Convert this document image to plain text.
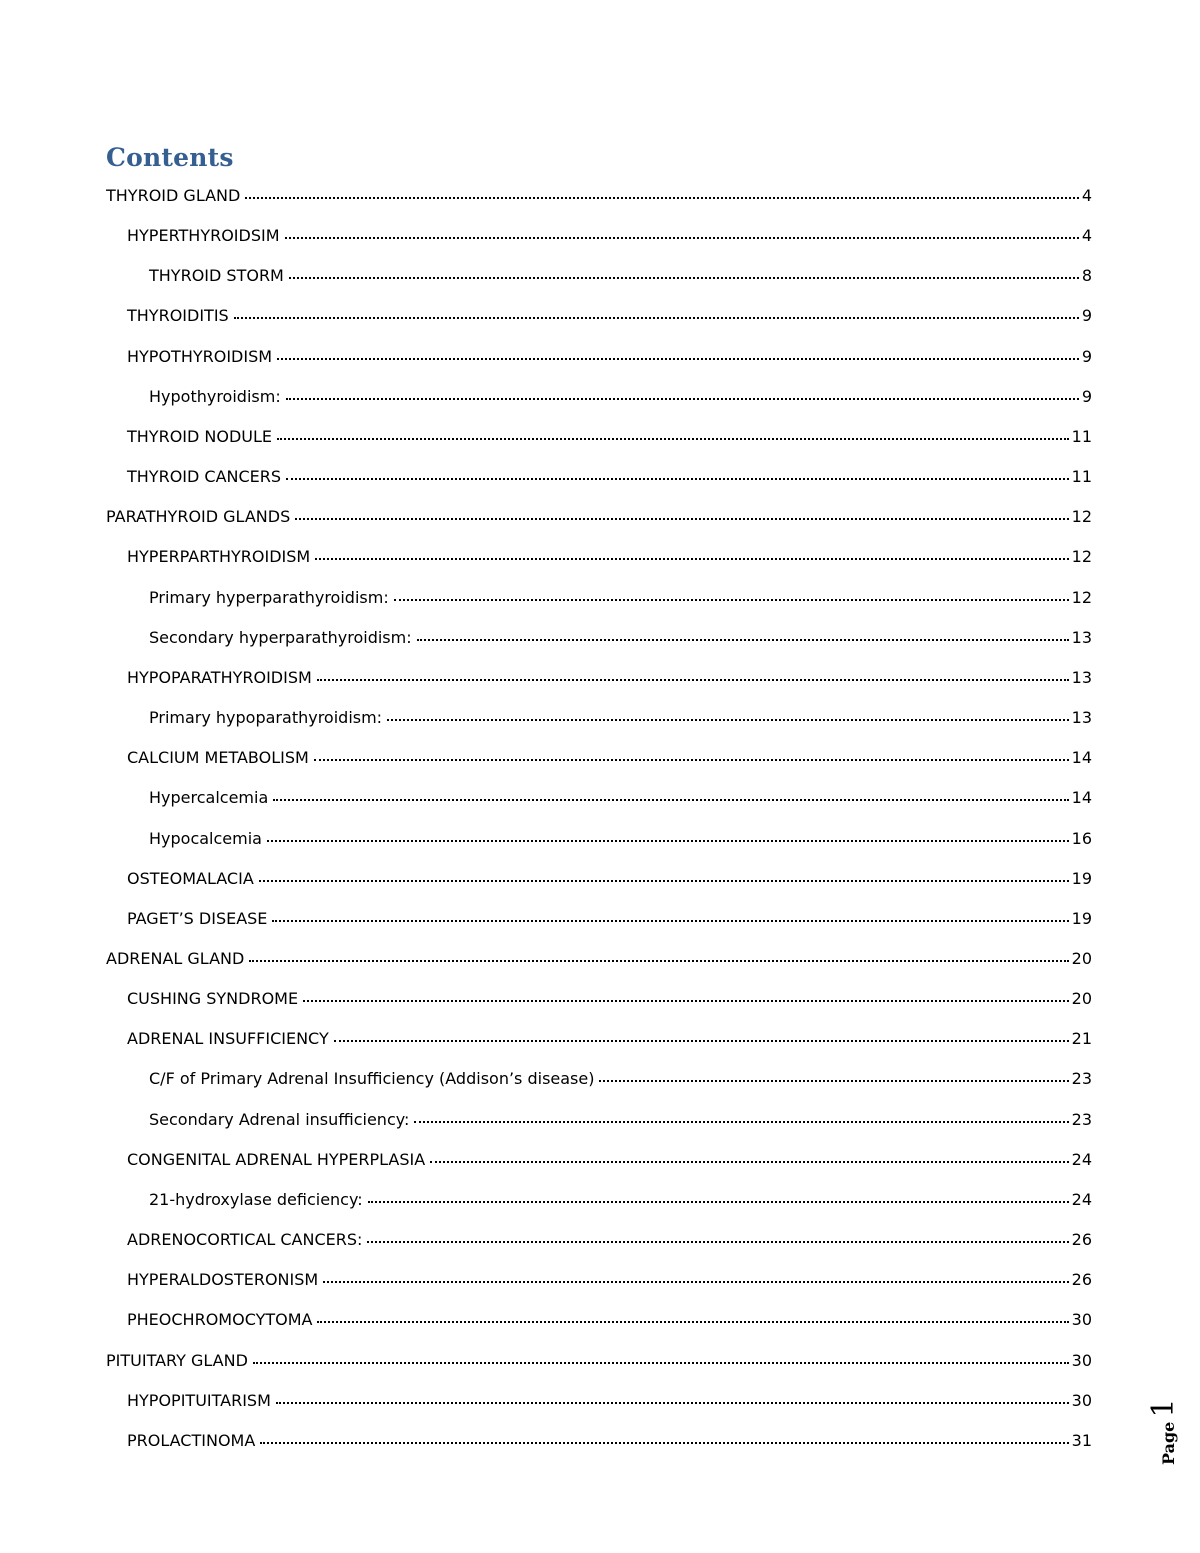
Contents
THYROID GLAND	4
HYPERTHYROIDSIM	4
THYROID STORM	8
THYROIDITIS	9
HYPOTHYROIDISM	9
Hypothyroidism:	9
THYROID NODULE	11
THYROID CANCERS	11
PARATHYROID GLANDS	12
HYPERPARTHYROIDISM	12
Primary hyperparathyroidism:	12
Secondary hyperparathyroidism:	13
HYPOPARATHYROIDISM	13
Primary hypoparathyroidism:	13
CALCIUM METABOLISM	14
Hypercalcemia	14
Hypocalcemia	16
OSTEOMALACIA	19
PAGET’S DISEASE	19
ADRENAL GLAND	20
CUSHING SYNDROME	20
ADRENAL INSUFFICIENCY	21
C/F of Primary Adrenal Insufficiency (Addison’s disease)	23
Secondary Adrenal insufficiency:	23
CONGENITAL ADRENAL HYPERPLASIA	24
21-hydroxylase deficiency:	24
ADRENOCORTICAL CANCERS:	26
HYPERALDOSTERONISM	26
PHEOCHROMOCYTOMA	30
PITUITARY GLAND	30
HYPOPITUITARISM	30
PROLACTINOMA	31	Page
1
